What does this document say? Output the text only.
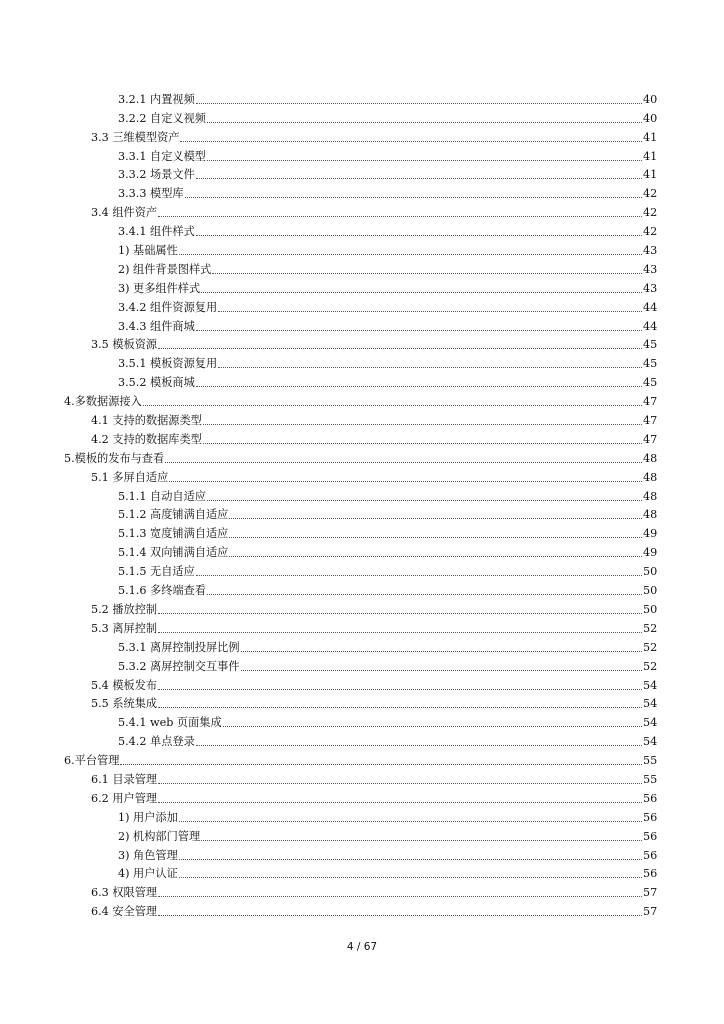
3.2.1 内置视频	40
3.2.2 自定义视频	40
3.3 三维模型资产	41
3.3.1 自定义模型	41
3.3.2 场景文件	41
3.3.3 模型库	42
3.4 组件资产	42
3.4.1 组件样式	42
1) 基础属性	43
2) 组件背景图样式	43
3) 更多组件样式	43
3.4.2 组件资源复用	44
3.4.3 组件商城	44
3.5 模板资源	45
3.5.1 模板资源复用	45
3.5.2 模板商城	45
4.多数据源接入	47
4.1 支持的数据源类型	47
4.2 支持的数据库类型	47
5.模板的发布与查看	48
5.1 多屏自适应	48
5.1.1 自动自适应	48
5.1.2 高度铺满自适应	48
5.1.3 宽度铺满自适应	49
5.1.4 双向铺满自适应	49
5.1.5 无自适应	50
5.1.6 多终端查看	50
5.2 播放控制	50
5.3 离屏控制	52
5.3.1 离屏控制投屏比例	52
5.3.2 离屏控制交互事件	52
5.4 模板发布	54
5.5 系统集成	54
5.4.1 web 页面集成	54
5.4.2 单点登录	54
6.平台管理	55
6.1 目录管理	55
6.2 用户管理	56
1) 用户添加	56
2) 机构部门管理	56
3) 角色管理	56
4) 用户认证	56
6.3 权限管理	57
6.4 安全管理	57
4 / 67
